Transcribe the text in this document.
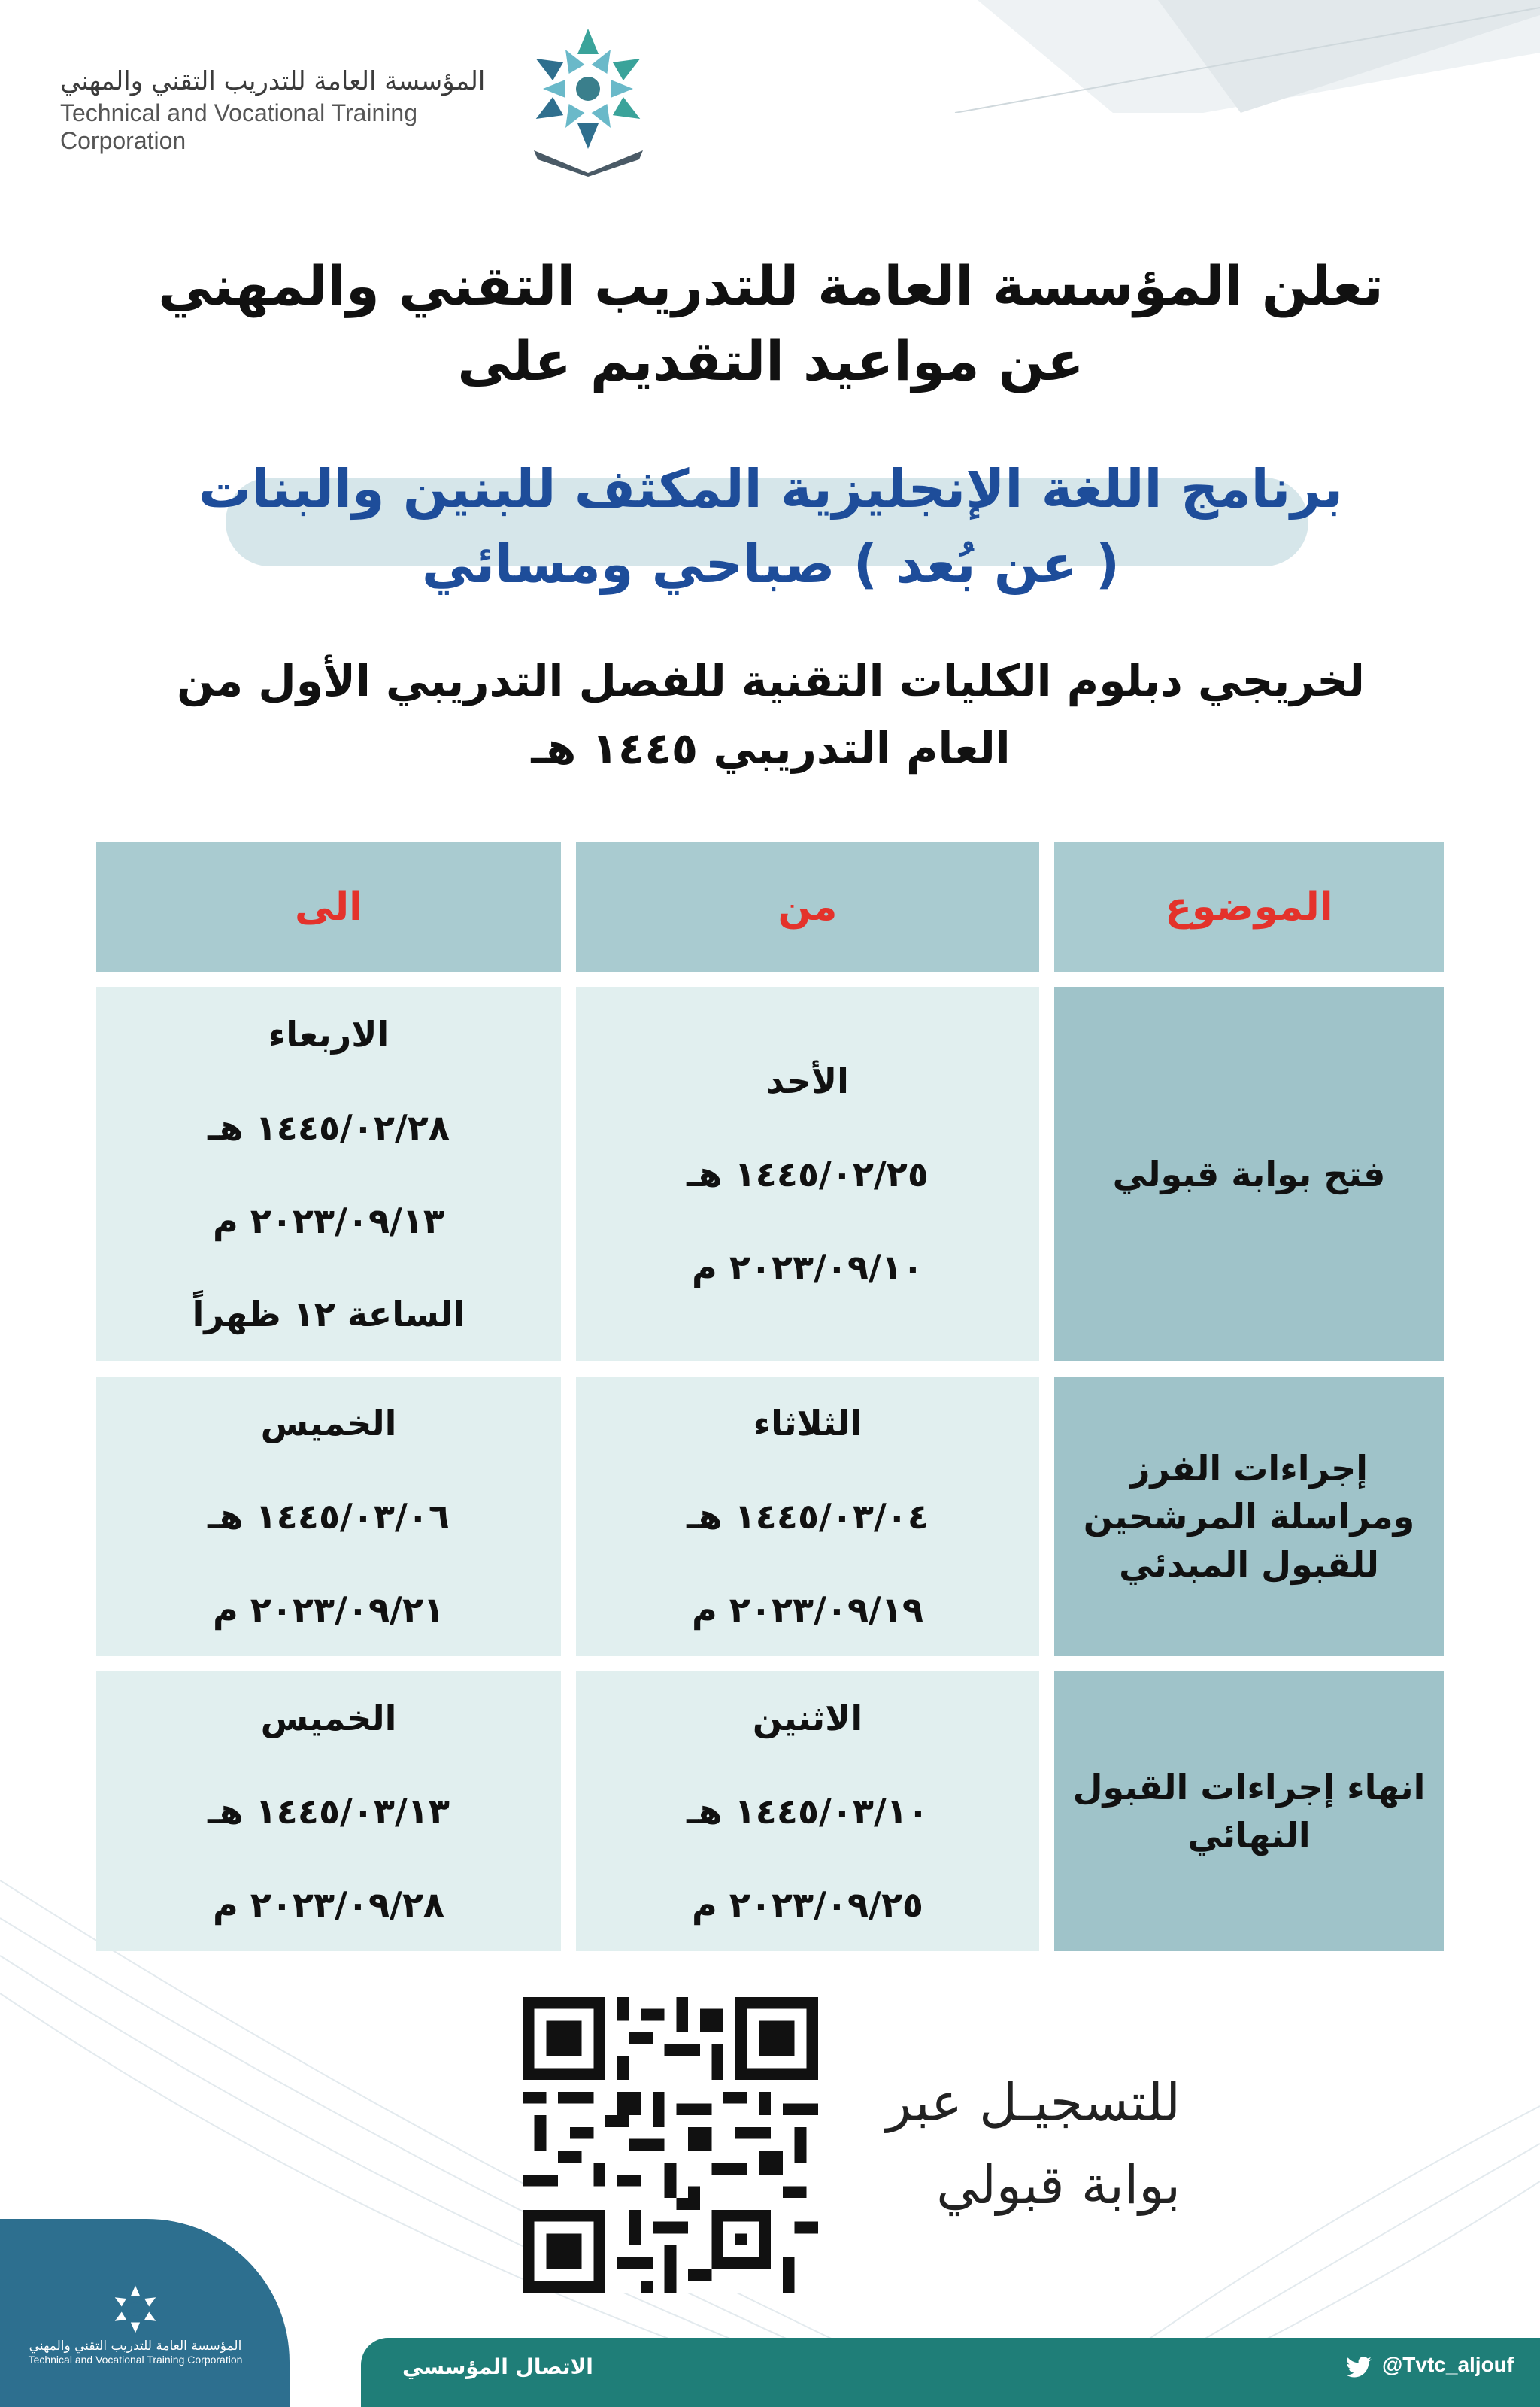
المؤسسة العامة للتدريب التقني والمهني
Technical and Vocational Training Corporation
تعلن المؤسسة العامة للتدريب التقني والمهني
عن مواعيد التقديم على
برنامج اللغة الإنجليزية المكثف للبنين والبنات
( عن بُعد ) صباحي ومسائي
لخريجي دبلوم الكليات التقنية للفصل التدريبي الأول من
العام التدريبي ١٤٤٥ هـ
الموضوع
من
الى
فتح بوابة قبولي
الأحد
١٤٤٥/٠٢/٢٥ هـ
٢٠٢٣/٠٩/١٠ م
الاربعاء
١٤٤٥/٠٢/٢٨ هـ
٢٠٢٣/٠٩/١٣ م
الساعة ١٢ ظهراً
إجراءات الفرز ومراسلة المرشحين للقبول المبدئي
الثلاثاء
١٤٤٥/٠٣/٠٤ هـ
٢٠٢٣/٠٩/١٩ م
الخميس
١٤٤٥/٠٣/٠٦ هـ
٢٠٢٣/٠٩/٢١ م
انهاء إجراءات القبول النهائي
الاثنين
١٤٤٥/٠٣/١٠ هـ
٢٠٢٣/٠٩/٢٥ م
الخميس
١٤٤٥/٠٣/١٣ هـ
٢٠٢٣/٠٩/٢٨ م
للتسجيـل عبر
بوابة قبولي
المؤسسة العامة للتدريب التقني والمهني
Technical and Vocational Training Corporation	الاتصال المؤسسي	@Tvtc_aljouf
